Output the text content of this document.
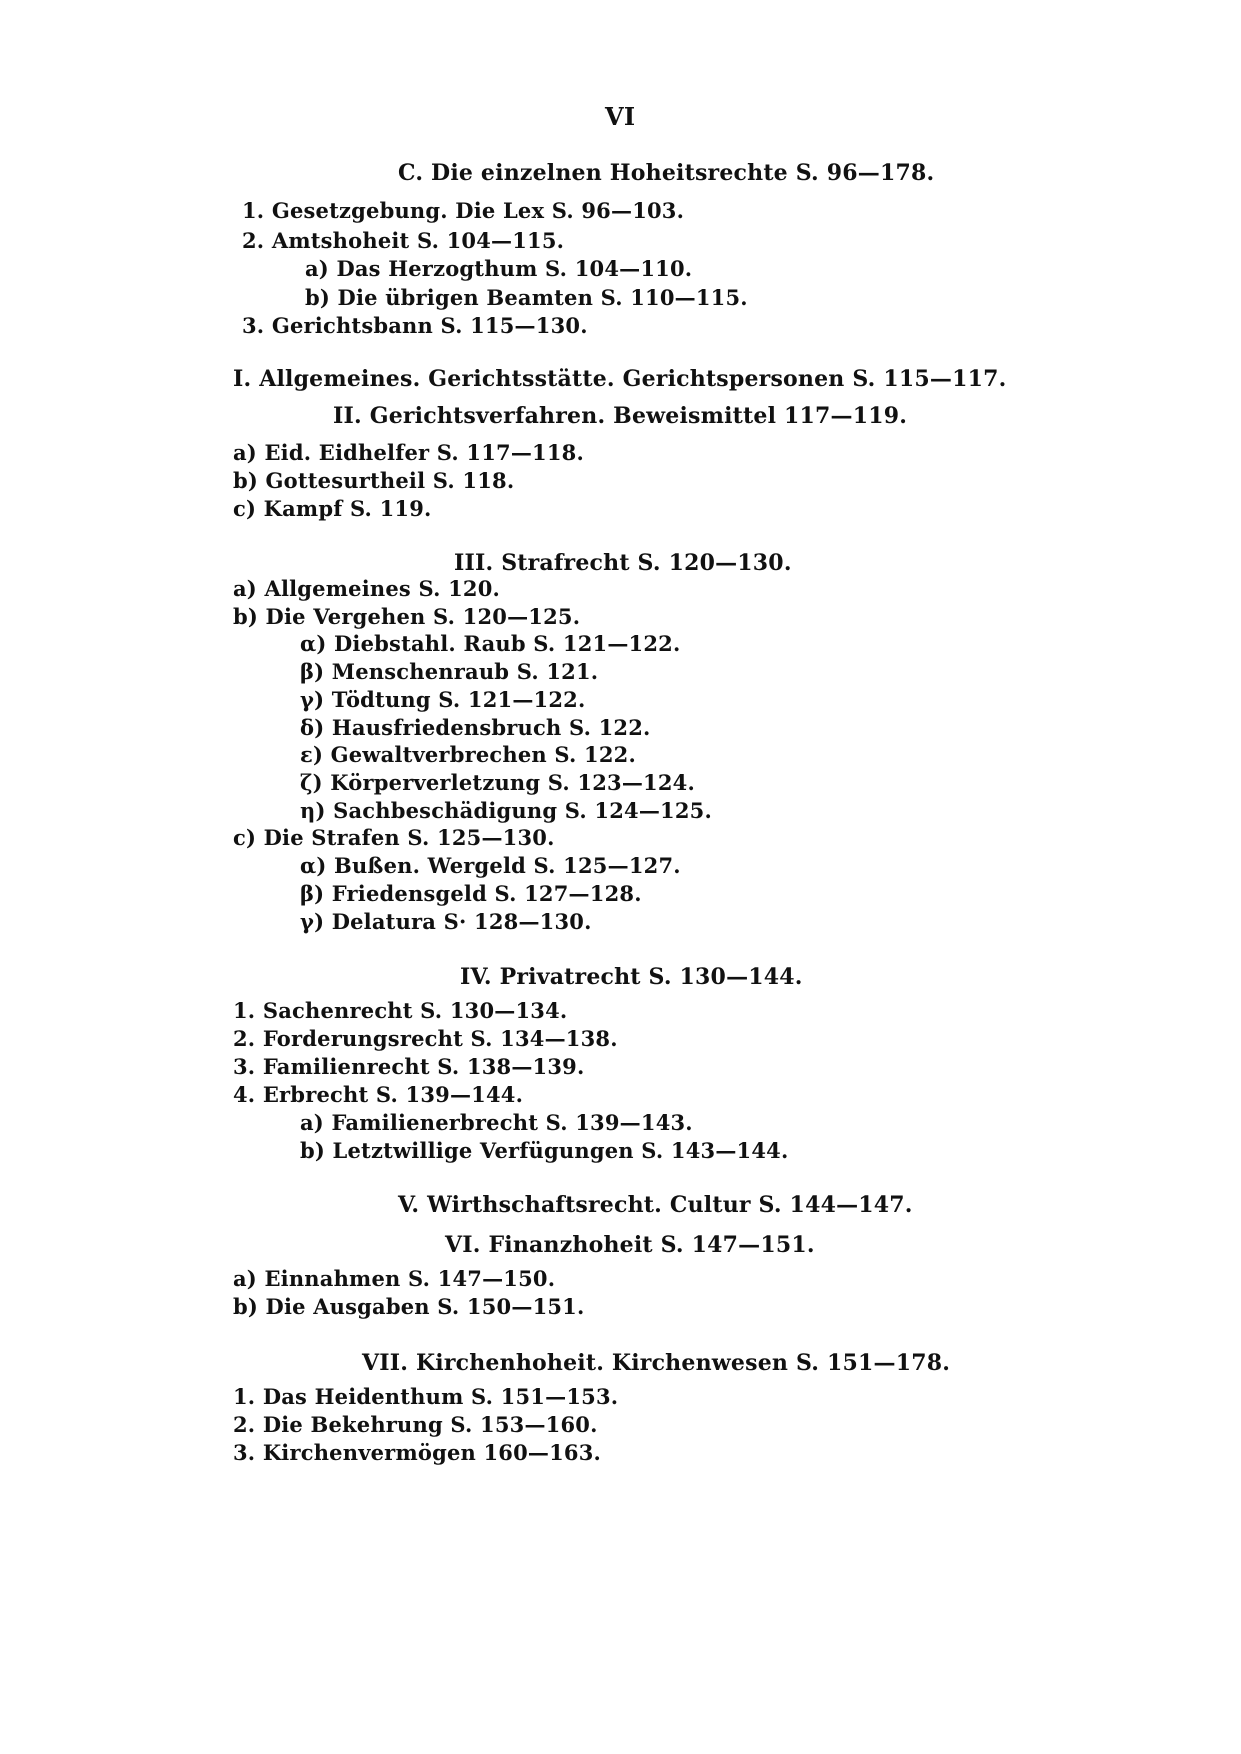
VI
C. Die einzelnen Hoheitsrechte S. 96—178.
1. Gesetzgebung. Die Lex S. 96—103.
2. Amtshoheit S. 104—115.
a) Das Herzogthum S. 104—110.
b) Die übrigen Beamten S. 110—115.
3. Gerichtsbann S. 115—130.
I. Allgemeines. Gerichtsstätte. Gerichtspersonen S. 115—117.
II. Gerichtsverfahren. Beweismittel 117—119.
a) Eid. Eidhelfer S. 117—118.
b) Gottesurtheil S. 118.
c) Kampf S. 119.
III. Strafrecht S. 120—130.
a) Allgemeines S. 120.
b) Die Vergehen S. 120—125.
α) Diebstahl. Raub S. 121—122.
β) Menschenraub S. 121.
γ) Tödtung S. 121—122.
δ) Hausfriedensbruch S. 122.
ε) Gewaltverbrechen S. 122.
ζ) Körperverletzung S. 123—124.
η) Sachbeschädigung S. 124—125.
c) Die Strafen S. 125—130.
α) Bußen. Wergeld S. 125—127.
β) Friedensgeld S. 127—128.
γ) Delatura S· 128—130.
IV. Privatrecht S. 130—144.
1. Sachenrecht S. 130—134.
2. Forderungsrecht S. 134—138.
3. Familienrecht S. 138—139.
4. Erbrecht S. 139—144.
a) Familienerbrecht S. 139—143.
b) Letztwillige Verfügungen S. 143—144.
V. Wirthschaftsrecht. Cultur S. 144—147.
VI. Finanzhoheit S. 147—151.
a) Einnahmen S. 147—150.
b) Die Ausgaben S. 150—151.
VII. Kirchenhoheit. Kirchenwesen S. 151—178.
1. Das Heidenthum S. 151—153.
2. Die Bekehrung S. 153—160.
3. Kirchenvermögen 160—163.
